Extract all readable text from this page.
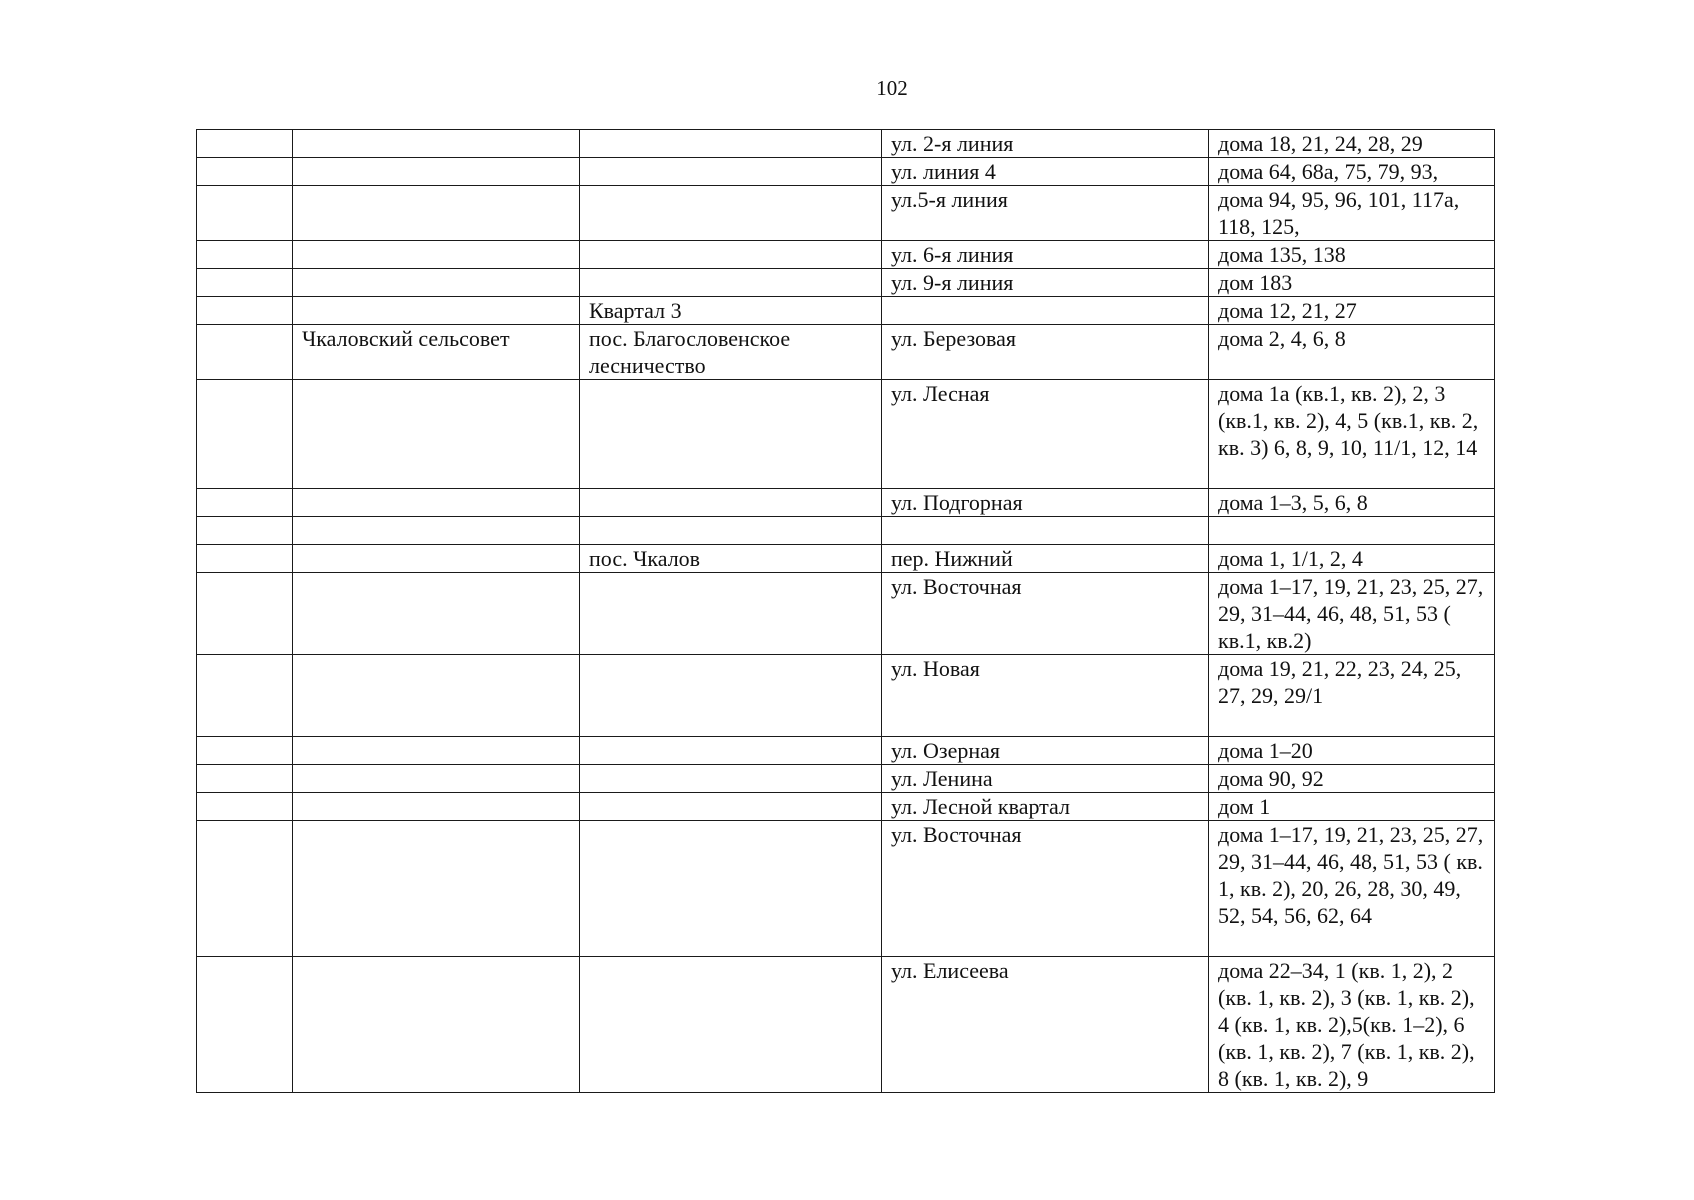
102
			ул. 2-я линия	дома 18, 21, 24, 28, 29
			ул. линия 4	дома 64, 68а, 75, 79, 93,
			ул.5-я линия	дома 94, 95, 96, 101, 117а, 118, 125,
			ул. 6-я линия	дома 135, 138
			ул. 9-я линия	дом 183
		Квартал 3		дома 12, 21, 27
	Чкаловский сельсовет	пос. Благословенское лесничество	ул. Березовая	дома 2, 4, 6, 8
			ул. Лесная	дома 1а (кв.1, кв. 2), 2, 3 (кв.1, кв. 2), 4, 5 (кв.1, кв. 2, кв. 3) 6, 8, 9, 10, 11/1, 12, 14
			ул. Подгорная	дома 1–3, 5, 6, 8

		пос. Чкалов	пер. Нижний	дома 1, 1/1, 2, 4
			ул. Восточная	дома 1–17, 19, 21, 23, 25, 27, 29, 31–44, 46, 48, 51, 53 ( кв.1, кв.2)
			ул. Новая	дома 19, 21, 22, 23, 24, 25, 27, 29, 29/1
			ул. Озерная	дома 1–20
			ул. Ленина	дома 90, 92
			ул. Лесной квартал	дом 1
			ул. Восточная	дома 1–17, 19, 21, 23, 25, 27, 29, 31–44, 46, 48, 51, 53 ( кв. 1, кв. 2), 20, 26, 28, 30, 49, 52, 54, 56, 62, 64
			ул. Елисеева	дома 22–34, 1 (кв. 1, 2), 2 (кв. 1, кв. 2), 3 (кв. 1, кв. 2), 4 (кв. 1, кв. 2),5(кв. 1–2), 6 (кв. 1, кв. 2), 7 (кв. 1, кв. 2), 8 (кв. 1, кв. 2), 9
